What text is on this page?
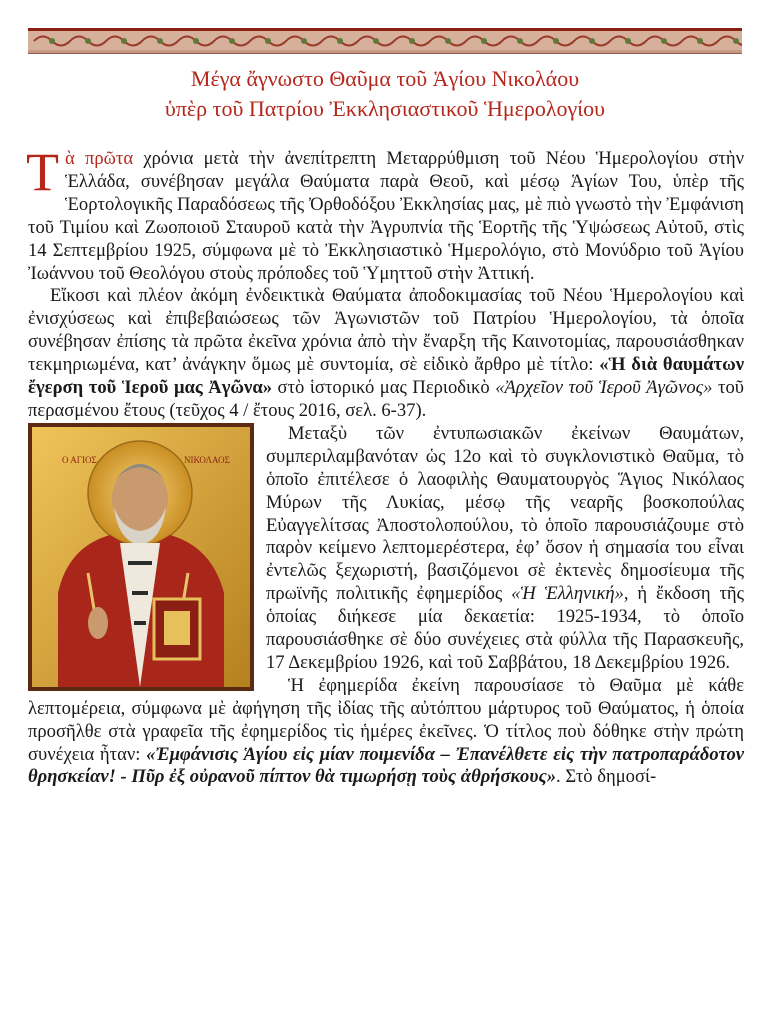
Μέγα ἄγνωστο Θαῦμα τοῦ Ἁγίου Νικολάου
ὑπὲρ τοῦ Πατρίου Ἐκκλησιαστικοῦ Ἡμερολογίου

Τὰ πρῶτα χρόνια μετὰ τὴν ἀνεπίτρεπτη Μεταρρύθμιση τοῦ Νέου Ἡμερολογίου στὴν Ἑλλάδα, συνέβησαν μεγάλα Θαύματα παρὰ Θεοῦ, καὶ μέσῳ Ἁγίων Του, ὑπὲρ τῆς Ἑορτολογικῆς Παραδόσεως τῆς Ὀρθοδόξου Ἐκκλησίας μας, μὲ πιὸ γνωστὸ τὴν Ἐμφάνιση τοῦ Τιμίου καὶ Ζωοποιοῦ Σταυροῦ κατὰ τὴν Ἀγρυπνία τῆς Ἑορτῆς τῆς Ὑψώσεως Αὐτοῦ, στὶς 14 Σεπτεμβρίου 1925, σύμφωνα μὲ τὸ Ἐκκλησιαστικὸ Ἡμερολόγιο, στὸ Μονύδριο τοῦ Ἁγίου Ἰωάννου τοῦ Θεολόγου στοὺς πρόποδες τοῦ Ὑμηττοῦ στὴν Ἀττική.

Εἴκοσι καὶ πλέον ἀκόμη ἐνδεικτικὰ Θαύματα ἀποδοκιμασίας τοῦ Νέου Ἡμερολογίου καὶ ἐνισχύσεως καὶ ἐπιβεβαιώσεως τῶν Ἀγωνιστῶν τοῦ Πατρίου Ἡμερολογίου, τὰ ὁποῖα συνέβησαν ἐπίσης τὰ πρῶτα ἐκεῖνα χρόνια ἀπὸ τὴν ἔναρξη τῆς Καινοτομίας, παρουσιάσθηκαν τεκμηριωμένα, κατ’ ἀνάγκην ὅμως μὲ συντομία, σὲ εἰδικὸ ἄρθρο μὲ τίτλο: «Ἡ διὰ θαυμάτων ἔγερση τοῦ Ἱεροῦ μας Ἀγῶνα» στὸ ἱστορικό μας Περιοδικὸ «Ἀρχεῖον τοῦ Ἱεροῦ Ἀγῶνος» τοῦ περασμένου ἔτους (τεῦχος 4 / ἔτους 2016, σελ. 6-37).

Ο ΑΓΙΟΣ	ΝΙΚΟΛΑΟΣ

Μεταξὺ τῶν ἐντυπωσιακῶν ἐκείνων Θαυμάτων, συμπεριλαμβανόταν ὡς 12ο καὶ τὸ συγκλονιστικὸ Θαῦμα, τὸ ὁποῖο ἐπιτέλεσε ὁ λαοφιλὴς Θαυματουργὸς Ἅγιος Νικόλαος Μύρων τῆς Λυκίας, μέσῳ τῆς νεαρῆς βοσκοπούλας Εὐαγγελίτσας Ἀποστολοπούλου, τὸ ὁποῖο παρουσιάζουμε στὸ παρὸν κείμενο λεπτομερέστερα, ἐφ’ ὅσον ἡ σημασία του εἶναι ἐντελῶς ξεχωριστή, βασιζόμενοι σὲ ἐκτενὲς δημοσίευμα τῆς πρωϊνῆς πολιτικῆς ἐφημερίδος «Ἡ Ἑλληνική», ἡ ἔκδοση τῆς ὁποίας διήκεσε μία δεκαετία: 1925-1934, τὸ ὁποῖο παρουσιάσθηκε σὲ δύο συνέχειες στὰ φύλλα τῆς Παρασκευῆς, 17 Δεκεμβρίου 1926, καὶ τοῦ Σαββάτου, 18 Δεκεμβρίου 1926.

Ἡ ἐφημερίδα ἐκείνη παρουσίασε τὸ Θαῦμα μὲ κάθε λεπτομέρεια, σύμφωνα μὲ ἀφήγηση τῆς ἰδίας τῆς αὐτόπτου μάρτυρος τοῦ Θαύματος, ἡ ὁποία προσῆλθε στὰ γραφεῖα τῆς ἐφημερίδος τὶς ἡμέρες ἐκεῖνες. Ὁ τίτλος ποὺ δόθηκε στὴν πρώτη συνέχεια ἦταν: «Ἐμφάνισις Ἁγίου εἰς μίαν ποιμενίδα – Ἐπανέλθετε εἰς τὴν πατροπαράδοτον θρησκείαν! - Πῦρ ἐξ οὐρανοῦ πίπτον θὰ τιμωρήσῃ τοὺς ἀθρήσκους». Στὸ δημοσί-
